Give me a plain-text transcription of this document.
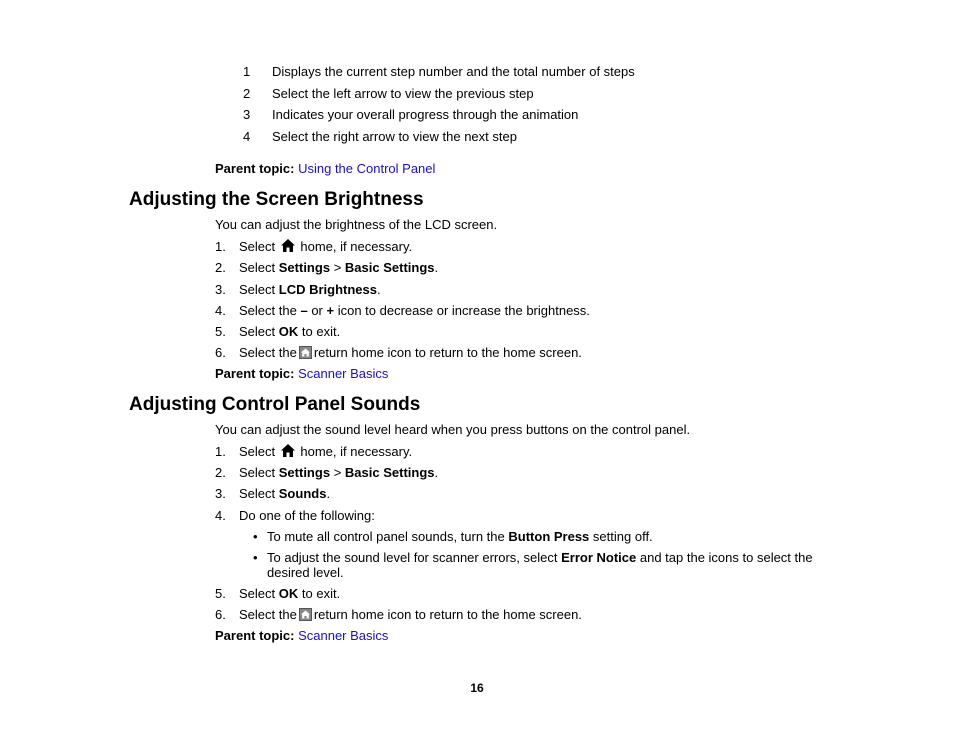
1	Displays the current step number and the total number of steps
2	Select the left arrow to view the previous step
3	Indicates your overall progress through the animation
4	Select the right arrow to view the next step
Parent topic: Using the Control Panel
Adjusting the Screen Brightness
You can adjust the brightness of the LCD screen.
1. Select home, if necessary.
2. Select Settings > Basic Settings.
3. Select LCD Brightness.
4. Select the – or + icon to decrease or increase the brightness.
5. Select OK to exit.
6. Select the return home icon to return to the home screen.
Parent topic: Scanner Basics
Adjusting Control Panel Sounds
You can adjust the sound level heard when you press buttons on the control panel.
1. Select home, if necessary.
2. Select Settings > Basic Settings.
3. Select Sounds.
4. Do one of the following:
• To mute all control panel sounds, turn the Button Press setting off.
• To adjust the sound level for scanner errors, select Error Notice and tap the icons to select the desired level.
5. Select OK to exit.
6. Select the return home icon to return to the home screen.
Parent topic: Scanner Basics
16
